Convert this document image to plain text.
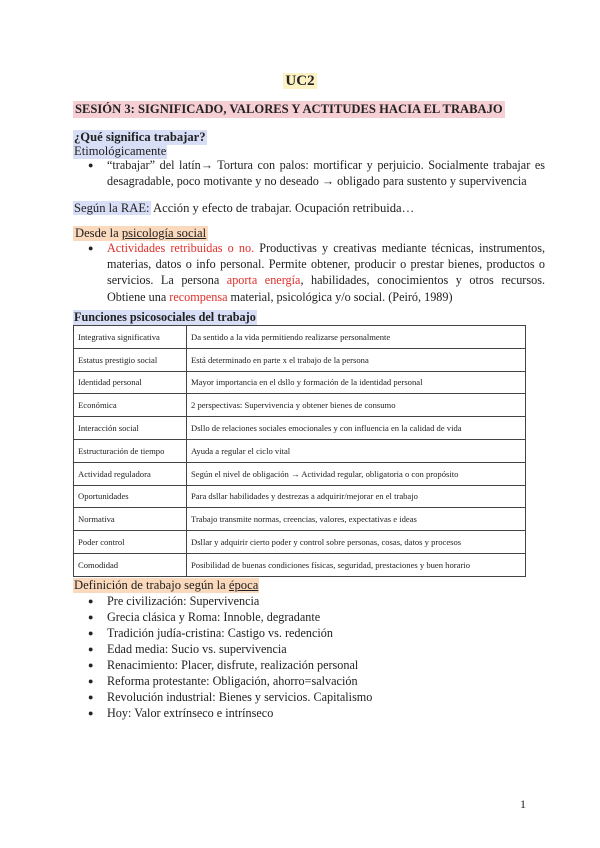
UC2
SESIÓN 3: SIGNIFICADO, VALORES Y ACTITUDES HACIA EL TRABAJO
¿Qué significa trabajar?
Etimológicamente
● “trabajar” del latín→ Tortura con palos: mortificar y perjuicio. Socialmente trabajar es desagradable, poco motivante y no deseado → obligado para sustento y supervivencia
Según la RAE: Acción y efecto de trabajar. Ocupación retribuida…
Desde la psicología social
● Actividades retribuidas o no. Productivas y creativas mediante técnicas, instrumentos, materias, datos o info personal. Permite obtener, producir o prestar bienes, productos o servicios. La persona aporta energía, habilidades, conocimientos y otros recursos. Obtiene una recompensa material, psicológica y/o social. (Peiró, 1989)
Funciones psicosociales del trabajo
Integrativa significativa	Da sentido a la vida permitiendo realizarse personalmente
Estatus prestigio social	Está determinado en parte x el trabajo de la persona
Identidad personal	Mayor importancia en el dsllo y formación de la identidad personal
Económica	2 perspectivas: Supervivencia y obtener bienes de consumo
Interacción social	Dsllo de relaciones sociales emocionales y con influencia en la calidad de vida
Estructuración de tiempo	Ayuda a regular el ciclo vital
Actividad reguladora	Según el nivel de obligación → Actividad regular, obligatoria o con propósito
Oportunidades	Para dsllar habilidades y destrezas a adquirir/mejorar en el trabajo
Normativa	Trabajo transmite normas, creencias, valores, expectativas e ideas
Poder control	Dsllar y adquirir cierto poder y control sobre personas, cosas, datos y procesos
Comodidad	Posibilidad de buenas condiciones físicas, seguridad, prestaciones y buen horario
Definición de trabajo según la época
● Pre civilización: Supervivencia
● Grecia clásica y Roma: Innoble, degradante
● Tradición judía-cristina: Castigo vs. redención
● Edad media: Sucio vs. supervivencia
● Renacimiento: Placer, disfrute, realización personal
● Reforma protestante: Obligación, ahorro=salvación
● Revolución industrial: Bienes y servicios. Capitalismo
● Hoy: Valor extrínseco e intrínseco
1
